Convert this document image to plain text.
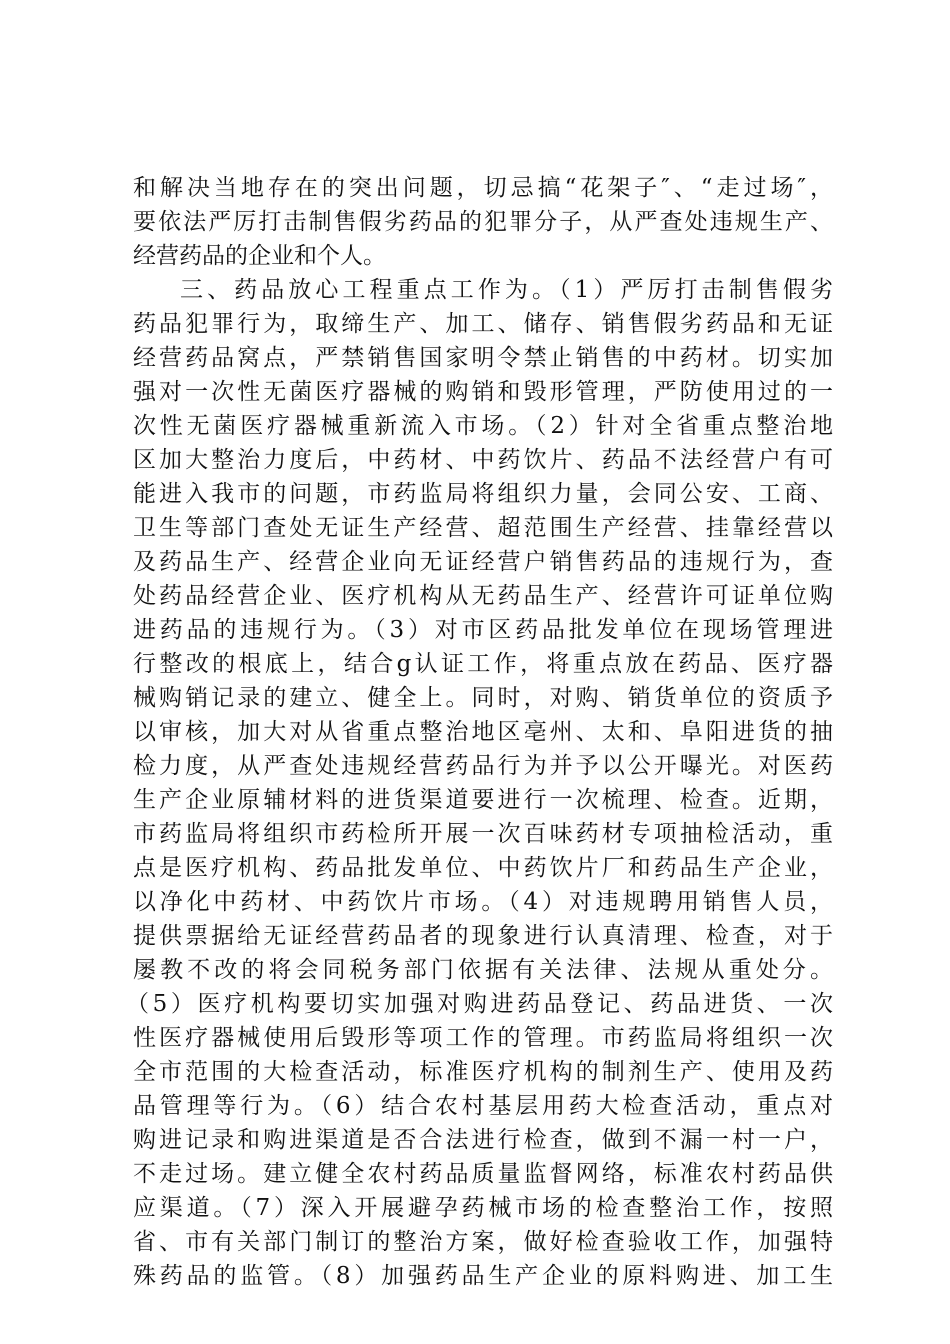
和解决当地存在的突出问题，切忌搞“花架子″、“走过场″，

要依法严厉打击制售假劣药品的犯罪分子，从严查处违规生产、

经营药品的企业和个人。

三、药品放心工程重点工作为。（1）严厉打击制售假劣

药品犯罪行为，取缔生产、加工、储存、销售假劣药品和无证

经营药品窝点，严禁销售国家明令禁止销售的中药材。切实加

强对一次性无菌医疗器械的购销和毁形管理，严防使用过的一

次性无菌医疗器械重新流入市场。（2）针对全省重点整治地

区加大整治力度后，中药材、中药饮片、药品不法经营户有可

能进入我市的问题，市药监局将组织力量，会同公安、工商、

卫生等部门查处无证生产经营、超范围生产经营、挂靠经营以

及药品生产、经营企业向无证经营户销售药品的违规行为，查

处药品经营企业、医疗机构从无药品生产、经营许可证单位购

进药品的违规行为。（3）对市区药品批发单位在现场管理进

行整改的根底上，结合g认证工作，将重点放在药品、医疗器

械购销记录的建立、健全上。同时，对购、销货单位的资质予

以审核，加大对从省重点整治地区亳州、太和、阜阳进货的抽

检力度，从严查处违规经营药品行为并予以公开曝光。对医药

生产企业原辅材料的进货渠道要进行一次梳理、检查。近期，

市药监局将组织市药检所开展一次百味药材专项抽检活动，重

点是医疗机构、药品批发单位、中药饮片厂和药品生产企业，

以净化中药材、中药饮片市场。（4）对违规聘用销售人员，

提供票据给无证经营药品者的现象进行认真清理、检查，对于

屡教不改的将会同税务部门依据有关法律、法规从重处分。

（5）医疗机构要切实加强对购进药品登记、药品进货、一次

性医疗器械使用后毁形等项工作的管理。市药监局将组织一次

全市范围的大检查活动，标准医疗机构的制剂生产、使用及药

品管理等行为。（6）结合农村基层用药大检查活动，重点对

购进记录和购进渠道是否合法进行检查，做到不漏一村一户，

不走过场。建立健全农村药品质量监督网络，标准农村药品供

应渠道。（7）深入开展避孕药械市场的检查整治工作，按照

省、市有关部门制订的整治方案，做好检查验收工作，加强特

殊药品的监管。（8）加强药品生产企业的原料购进、加工生
